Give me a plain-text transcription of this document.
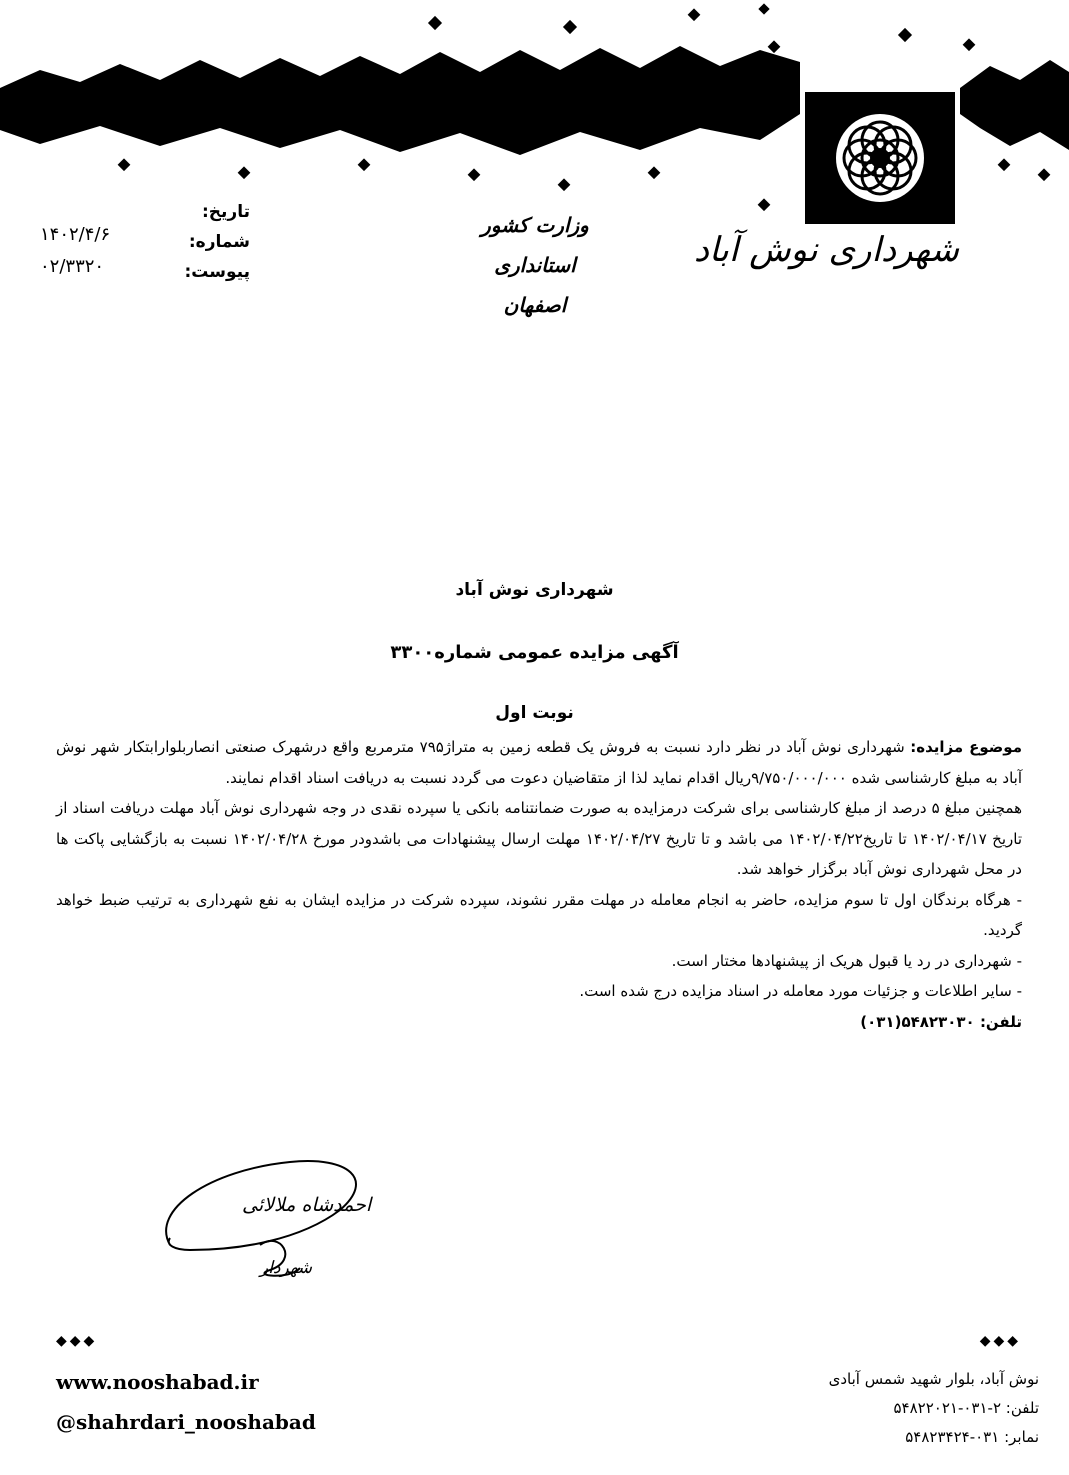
شهرداری نوش آباد
وزارت کشور
استانداری اصفهان
تاریخ:
۱۴۰۲/۴/۶	شماره:
۰۲/۳۳۲۰	پیوست:
شهرداری نوش آباد
آگهی مزایده عمومی شماره۳۳۰۰
نوبت اول

موضوع مزایده: شهرداری نوش آباد در نظر دارد نسبت به فروش یک قطعه زمین به متراژ۷۹۵ مترمربع واقع درشهرک صنعتی انصاربلوارابتکار شهر نوش آباد به مبلغ کارشناسی شده ۹/۷۵۰/۰۰۰/۰۰۰ریال اقدام نماید لذا از متقاضیان دعوت می گردد نسبت به دریافت اسناد اقدام نمایند.

همچنین مبلغ ۵ درصد از مبلغ کارشناسی برای شرکت درمزایده به صورت ضمانتنامه بانکی یا سپرده نقدی در وجه شهرداری نوش آباد مهلت دریافت اسناد از تاریخ ۱۴۰۲/۰۴/۱۷ تا تاریخ۱۴۰۲/۰۴/۲۲ می باشد و تا تاریخ ۱۴۰۲/۰۴/۲۷ مهلت ارسال پیشنهادات می باشدودر مورخ ۱۴۰۲/۰۴/۲۸ نسبت به بازگشایی پاکت ها در محل شهرداری نوش آباد برگزار خواهد شد.

- هرگاه برندگان اول تا سوم مزایده، حاضر به انجام معامله در مهلت مقرر نشوند، سپرده شرکت در مزایده ایشان به نفع شهرداری به ترتیب ضبط خواهد گردید.

- شهرداری در رد یا قبول هریک از پیشنهادها مختار است.

- سایر اطلاعات و جزئیات مورد معامله در اسناد مزایده درج شده است.

تلفن: ۵۴۸۲۳۰۳۰(۰۳۱)

احمدشاه ملالائی
شهردار
◆◆◆	◆◆◆
www.nooshabad.ir
@shahrdari_nooshabad
نوش آباد، بلوار شهید شمس آبادی
تلفن: ۲-۰۳۱-۵۴۸۲۲۰۲۱
نمابر: ۰۳۱-۵۴۸۲۳۴۲۴
